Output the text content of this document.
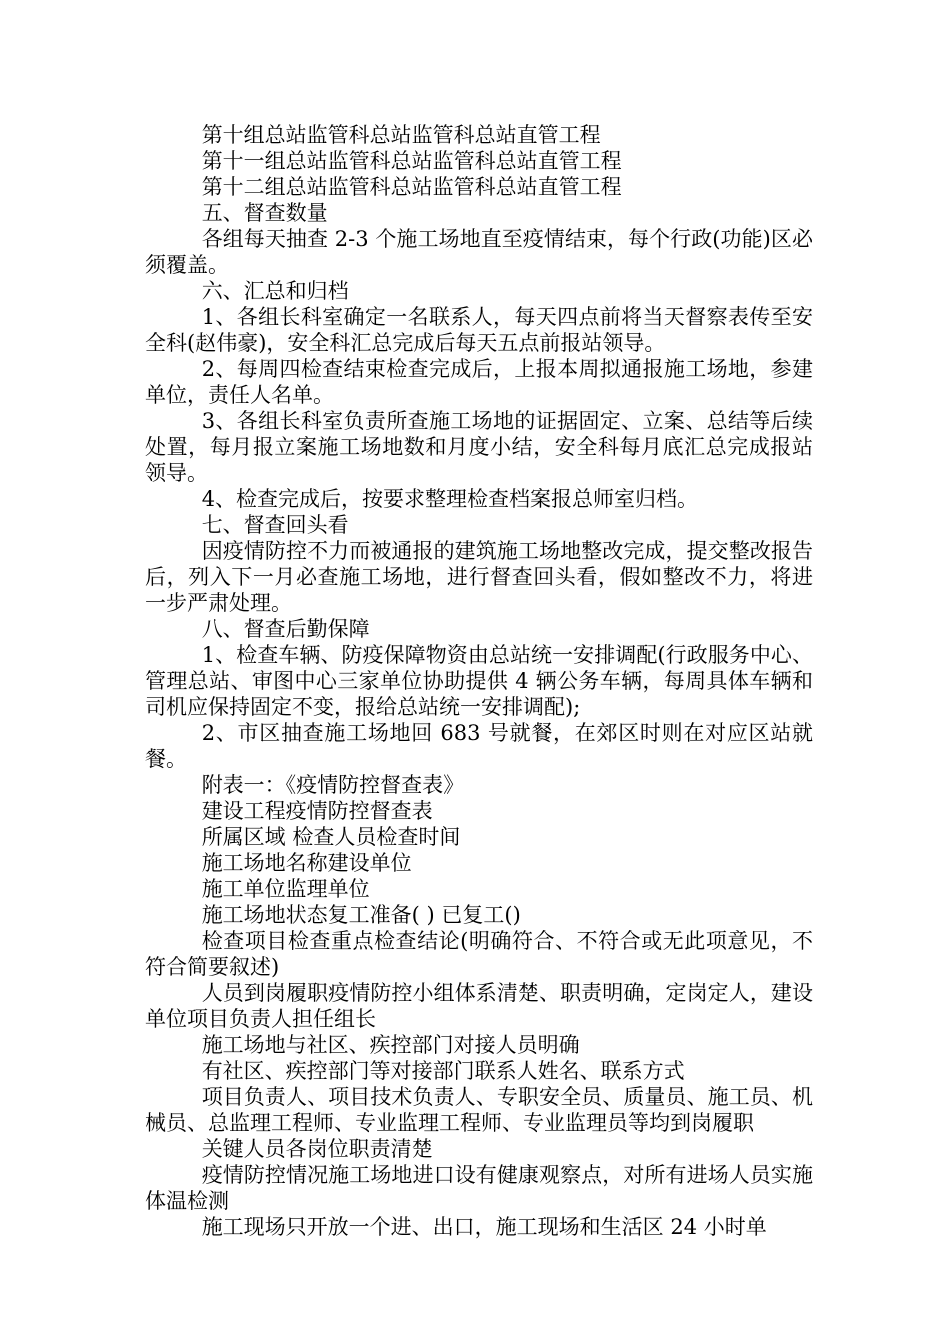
第十组总站监管科总站监管科总站直管工程

第十一组总站监管科总站监管科总站直管工程

第十二组总站监管科总站监管科总站直管工程

五、督查数量

各组每天抽查 2-3 个施工场地直至疫情结束，每个行政(功能)区必须覆盖。

六、汇总和归档

1、各组长科室确定一名联系人，每天四点前将当天督察表传至安全科(赵伟豪)，安全科汇总完成后每天五点前报站领导。

2、每周四检查结束检查完成后，上报本周拟通报施工场地，参建单位，责任人名单。

3、各组长科室负责所查施工场地的证据固定、立案、总结等后续处置，每月报立案施工场地数和月度小结，安全科每月底汇总完成报站领导。

4、检查完成后，按要求整理检查档案报总师室归档。

七、督查回头看

因疫情防控不力而被通报的建筑施工场地整改完成，提交整改报告后，列入下一月必查施工场地，进行督查回头看，假如整改不力，将进一步严肃处理。

八、督查后勤保障

1、检查车辆、防疫保障物资由总站统一安排调配(行政服务中心、管理总站、审图中心三家单位协助提供 4 辆公务车辆，每周具体车辆和司机应保持固定不变，报给总站统一安排调配);

2、市区抽查施工场地回 683 号就餐，在郊区时则在对应区站就餐。

附表一：《疫情防控督查表》

建设工程疫情防控督查表

所属区域 检查人员检查时间

施工场地名称建设单位

施工单位监理单位

施工场地状态复工准备( ) 已复工()

检查项目检查重点检查结论(明确符合、不符合或无此项意见，不符合简要叙述)

人员到岗履职疫情防控小组体系清楚、职责明确，定岗定人，建设单位项目负责人担任组长

施工场地与社区、疾控部门对接人员明确

有社区、疾控部门等对接部门联系人姓名、联系方式

项目负责人、项目技术负责人、专职安全员、质量员、施工员、机械员、总监理工程师、专业监理工程师、专业监理员等均到岗履职

关键人员各岗位职责清楚

疫情防控情况施工场地进口设有健康观察点，对所有进场人员实施体温检测

施工现场只开放一个进、出口，施工现场和生活区 24 小时单
